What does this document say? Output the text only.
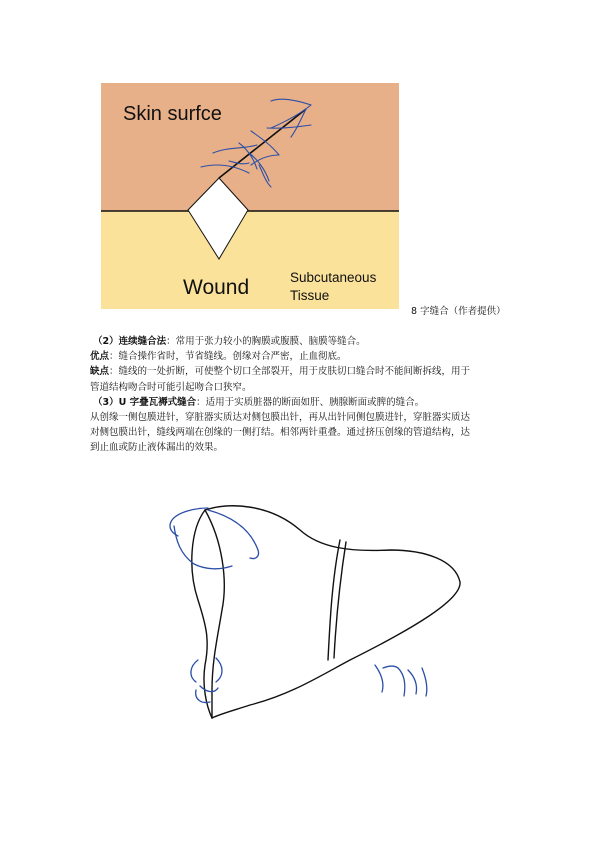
Skin surfce
Wound	Subcutaneous
Tissue
8 字缝合（作者提供）

（2）连续缝合法：常用于张力较小的胸膜或腹膜、脑膜等缝合。

优点：缝合操作省时，节省缝线。创缘对合严密，止血彻底。

缺点：缝线的一处折断，可使整个切口全部裂开，用于皮肤切口缝合时不能间断拆线，用于

管道结构吻合时可能引起吻合口狭窄。

（3）U 字叠瓦褥式缝合：适用于实质脏器的断面如肝、胰腺断面或脾的缝合。

从创缘一侧包膜进针，穿脏器实质达对侧包膜出针，再从出针同侧包膜进针，穿脏器实质达

对侧包膜出针，缝线两端在创缘的一侧打结。相邻两针重叠。通过挤压创缘的管道结构，达

到止血或防止液体漏出的效果。
